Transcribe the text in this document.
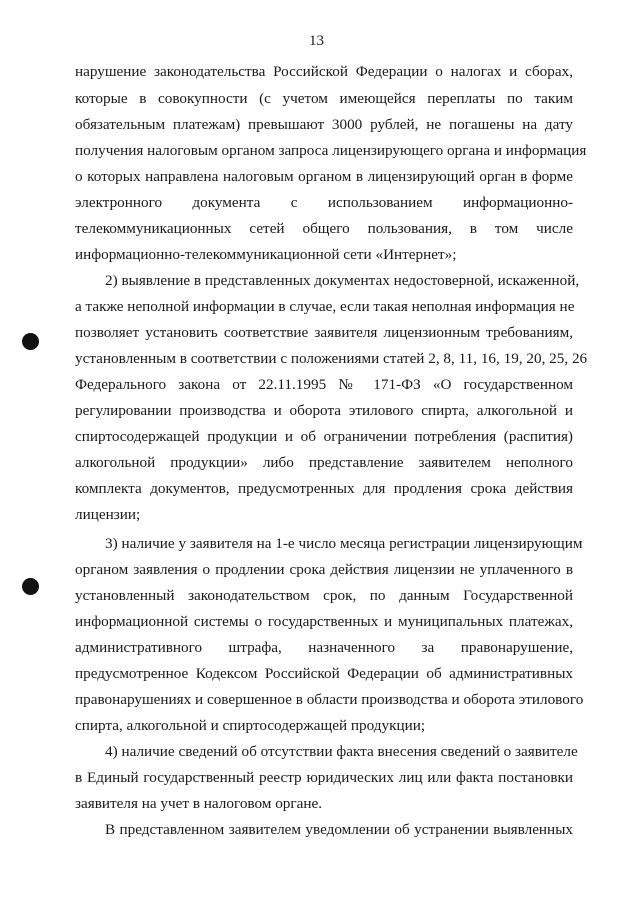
13
нарушение законодательства Российской Федерации о налогах и сборах,
которые в совокупности (с учетом имеющейся переплаты по таким
обязательным платежам) превышают 3000 рублей, не погашены на дату
получения налоговым органом запроса лицензирующего органа и информация
о которых направлена налоговым органом в лицензирующий орган в форме
электронного документа с использованием информационно-
телекоммуникационных сетей общего пользования, в том числе
информационно-телекоммуникационной сети «Интернет»;
2) выявление в представленных документах недостоверной, искаженной,
а также неполной информации в случае, если такая неполная информация не
позволяет установить соответствие заявителя лицензионным требованиям,
установленным в соответствии с положениями статей 2, 8, 11, 16, 19, 20, 25, 26
Федерального закона от 22.11.1995 № 171-ФЗ «О государственном
регулировании производства и оборота этилового спирта, алкогольной и
спиртосодержащей продукции и об ограничении потребления (распития)
алкогольной продукции» либо представление заявителем неполного
комплекта документов, предусмотренных для продления срока действия
лицензии;
3) наличие у заявителя на 1-е число месяца регистрации лицензирующим
органом заявления о продлении срока действия лицензии не уплаченного в
установленный законодательством срок, по данным Государственной
информационной системы о государственных и муниципальных платежах,
административного штрафа, назначенного за правонарушение,
предусмотренное Кодексом Российской Федерации об административных
правонарушениях и совершенное в области производства и оборота этилового
спирта, алкогольной и спиртосодержащей продукции;
4) наличие сведений об отсутствии факта внесения сведений о заявителе
в Единый государственный реестр юридических лиц или факта постановки
заявителя на учет в налоговом органе.
В представленном заявителем уведомлении об устранении выявленных
